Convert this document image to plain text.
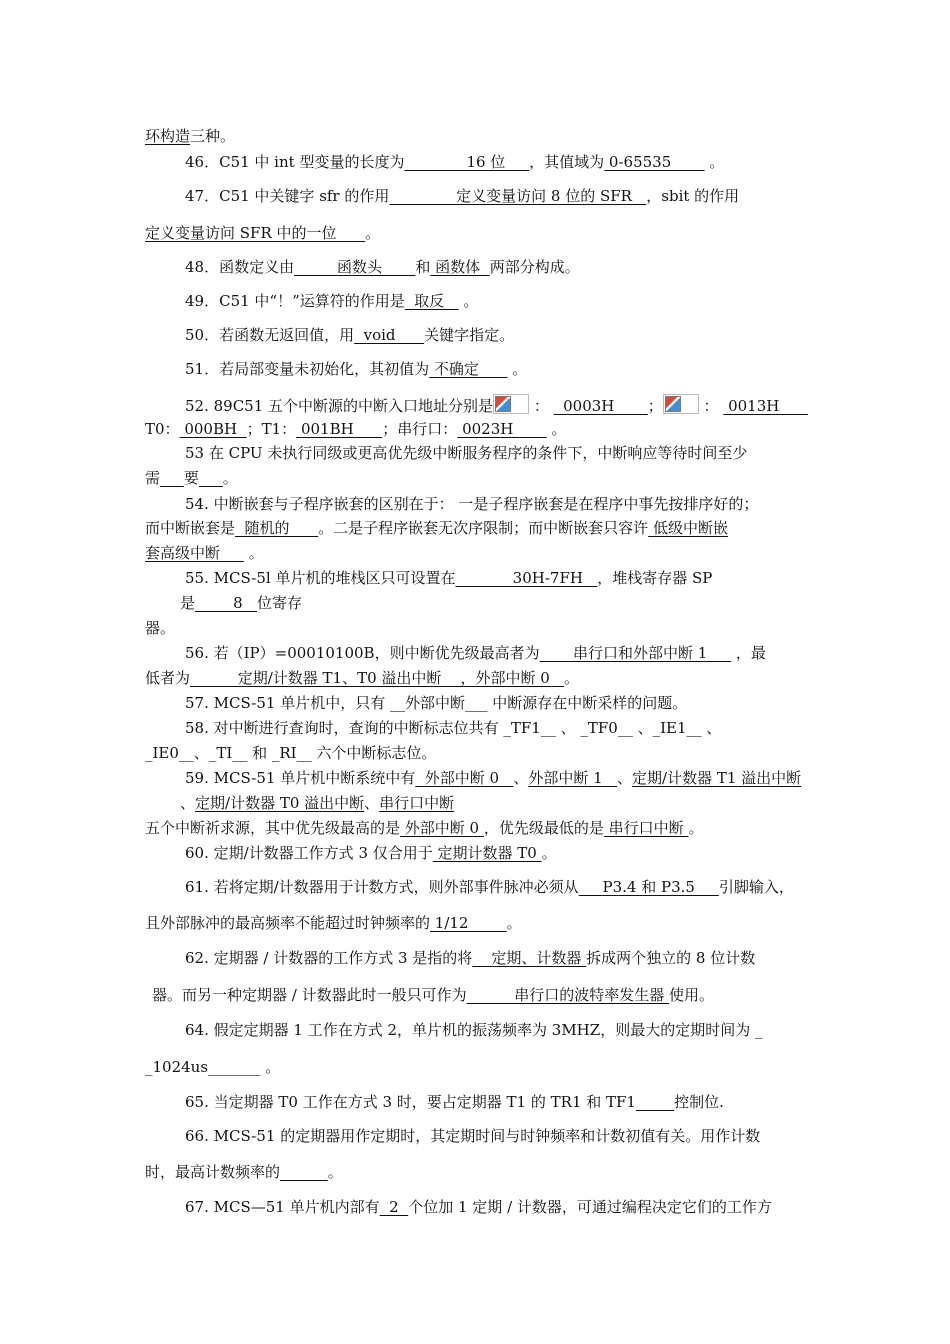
环构造三种。
46．C51 中 int 型变量的长度为             16 位     ，其值域为 0-65535        。
47．C51 中关键字 sfr 的作用              定义变量访问 8 位的 SFR   ，sbit 的作用
定义变量访问 SFR 中的一位      。
48．函数定义由         函数头       和 函数体  两部分构成。
49．C51 中“！”运算符的作用是  取反    。
50．若函数无返回值，用  void      关键字指定。
51．若局部变量未初始化，其初值为 不确定       。
52. 89C51 五个中断源的中断入口地址分别是 ：   0003H       ； ：  0013H
T0： 000BH  ；T1： 001BH      ；串行口： 0023H        。
53 在 CPU 未执行同级或更高优先级中断服务程序的条件下，中断响应等待时间至少
需 要 。
54. 中断嵌套与子程序嵌套的区别在于： 一是子程序嵌套是在程序中事先按排序好的；
而中断嵌套是  随机的      。二是子程序嵌套无次序限制；而中断嵌套只容许 低级中断嵌
套高级中断      。
55. MCS-5l 单片机的堆栈区只可设置在            30H-7FH   ，堆栈寄存器 SP
是        8   位寄存
器。
56. 若（IP）=00010100B，则中断优先级最高者为       串行口和外部中断 1      ，最
低者为          定期/计数器 T1、T0 溢出中断    ，外部中断 0   。
57. MCS-51 单片机中，只有 __外部中断___ 中断源存在中断采样的问题。
58. 对中断进行查询时，查询的中断标志位共有 _TF1__ 、 _TF0__ 、_IE1__ 、
_IE0__、_TI__ 和 _RI__ 六个中断标志位。
59. MCS-51 单片机中断系统中有  外部中断 0   、外部中断 1   、定期/计数器 T1 溢出中断
、定期/计数器 T0 溢出中断、串行口中断
五个中断祈求源，其中优先级最高的是 外部中断 0 ，优先级最低的是 串行口中断 。
60. 定期/计数器工作方式 3 仅合用于 定期计数器 T0 。
61. 若将定期/计数器用于计数方式，则外部事件脉冲必须从     P3.4 和 P3.5     引脚输入，
且外部脉冲的最高频率不能超过时钟频率的 1/12        。
62. 定期器 / 计数器的工作方式 3 是指的将    定期、计数器 拆成两个独立的 8 位计数
器。而另一种定期器 / 计数器此时一般只可作为          串行口的波特率发生器 使用。
64. 假定定期器 1 工作在方式 2，单片机的振荡频率为 3MHZ，则最大的定期时间为 _
_1024us_______ 。
65. 当定期器 T0 工作在方式 3 时，要占定期器 T1 的 TR1 和 TF1	控制位.
66. MCS-51 的定期器用作定期时，其定期时间与时钟频率和计数初值有关。用作计数
时，最高计数频率的	。
67. MCS—51 单片机内部有  2  个位加 1 定期 / 计数器，可通过编程决定它们的工作方
